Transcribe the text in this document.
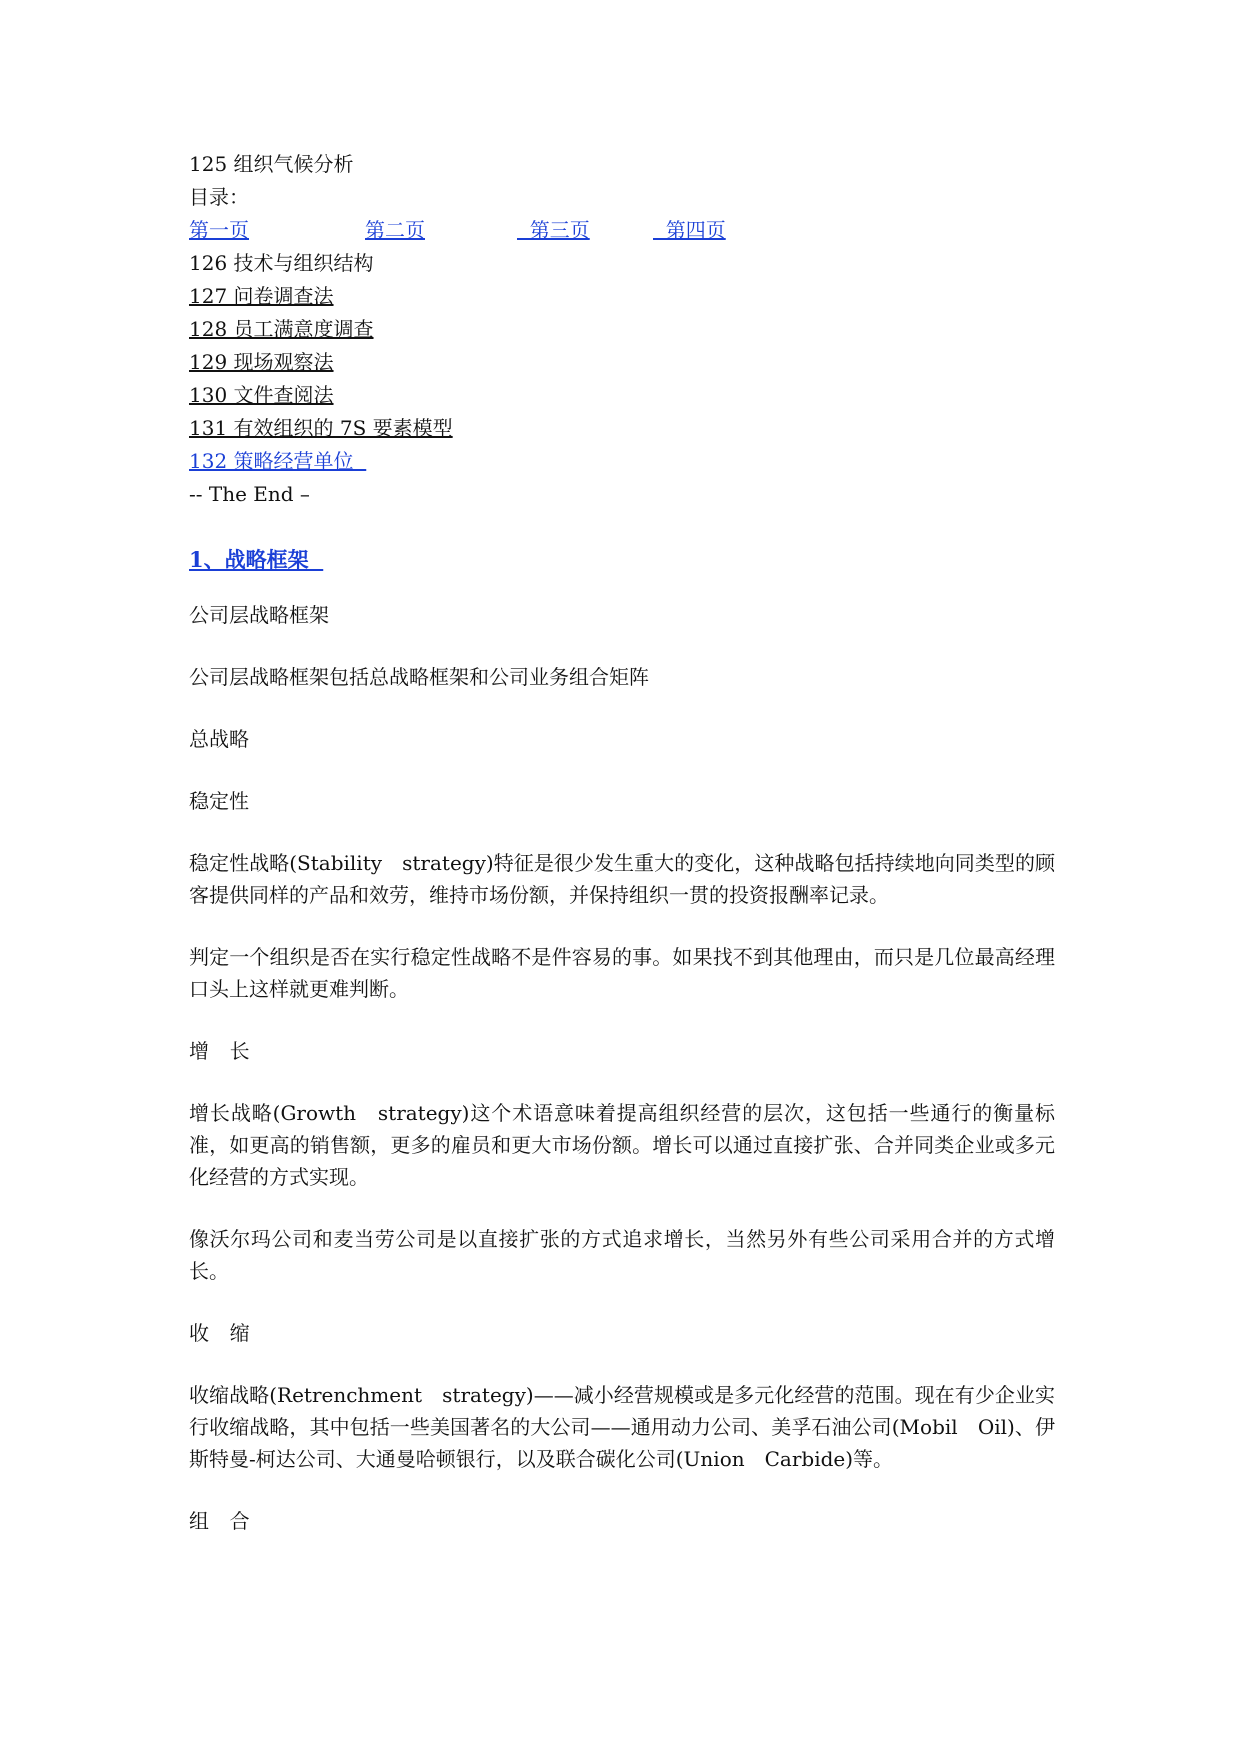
125 组织气候分析
目录：
第一页	第二页	第三页	第四页
126 技术与组织结构
127 问卷调查法
128 员工满意度调查
129 现场观察法
130 文件查阅法
131 有效组织的 7S 要素模型
132 策略经营单位
-- The End –
1、战略框架
公司层战略框架
公司层战略框架包括总战略框架和公司业务组合矩阵
总战略
稳定性
稳定性战略(Stability　strategy)特征是很少发生重大的变化，这种战略包括持续地向同类型的顾客提供同样的产品和效劳，维持市场份额，并保持组织一贯的投资报酬率记录。
判定一个组织是否在实行稳定性战略不是件容易的事。如果找不到其他理由，而只是几位最高经理口头上这样就更难判断。
增　长
增长战略(Growth　strategy)这个术语意味着提高组织经营的层次，这包括一些通行的衡量标准，如更高的销售额，更多的雇员和更大市场份额。增长可以通过直接扩张、合并同类企业或多元化经营的方式实现。
像沃尔玛公司和麦当劳公司是以直接扩张的方式追求增长，当然另外有些公司采用合并的方式增长。
收　缩
收缩战略(Retrenchment　strategy)——减小经营规模或是多元化经营的范围。现在有少企业实行收缩战略，其中包括一些美国著名的大公司——通用动力公司、美孚石油公司(Mobil　Oil)、伊斯特曼-柯达公司、大通曼哈顿银行，以及联合碳化公司(Union　Carbide)等。
组　合
